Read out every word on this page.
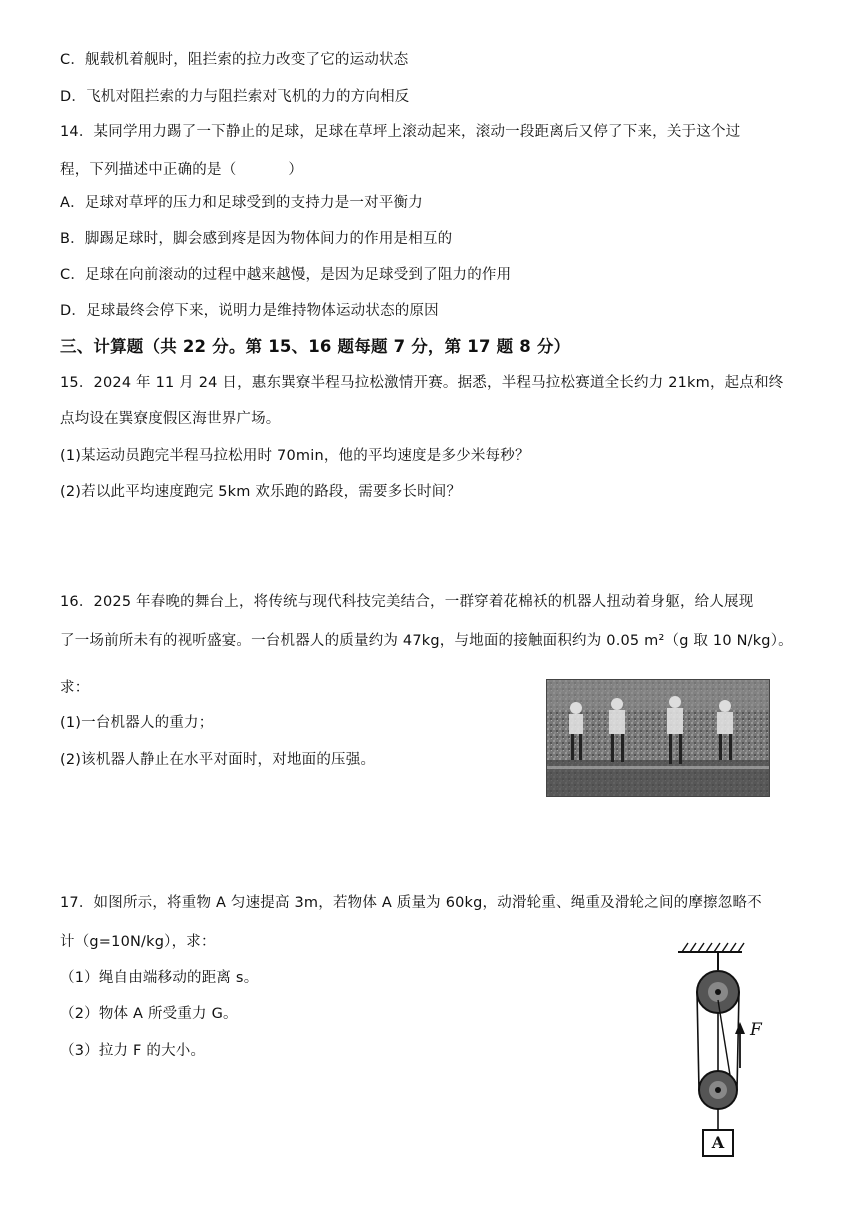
C．舰载机着舰时，阻拦索的拉力改变了它的运动状态
D．飞机对阻拦索的力与阻拦索对飞机的力的方向相反
14．某同学用力踢了一下静止的足球，足球在草坪上滚动起来，滚动一段距离后又停了下来，关于这个过
程，下列描述中正确的是（	）
A．足球对草坪的压力和足球受到的支持力是一对平衡力
B．脚踢足球时，脚会感到疼是因为物体间力的作用是相互的
C．足球在向前滚动的过程中越来越慢，是因为足球受到了阻力的作用
D．足球最终会停下来，说明力是维持物体运动状态的原因
三、计算题（共 22 分。第 15、16 题每题 7 分，第 17 题 8 分）
15．2024 年 11 月 24 日，惠东巽寮半程马拉松激情开赛。据悉，半程马拉松赛道全长约力 21km，起点和终
点均设在巽寮度假区海世界广场。
(1)某运动员跑完半程马拉松用时 70min，他的平均速度是多少米每秒？
(2)若以此平均速度跑完 5km 欢乐跑的路段，需要多长时间？
16．2025 年春晚的舞台上，将传统与现代科技完美结合，一群穿着花棉袄的机器人扭动着身躯，给人展现
了一场前所未有的视听盛宴。一台机器人的质量约为 47kg，与地面的接触面积约为 0.05 m²（g 取 10 N/kg）。
求：
(1)一台机器人的重力；
(2)该机器人静止在水平对面时，对地面的压强。
17．如图所示，将重物 A 匀速提高 3m，若物体 A 质量为 60kg，动滑轮重、绳重及滑轮之间的摩擦忽略不
计（g=10N/kg），求：
（1）绳自由端移动的距离 s。
（2）物体 A 所受重力 G。
（3）拉力 F 的大小。
F
A
